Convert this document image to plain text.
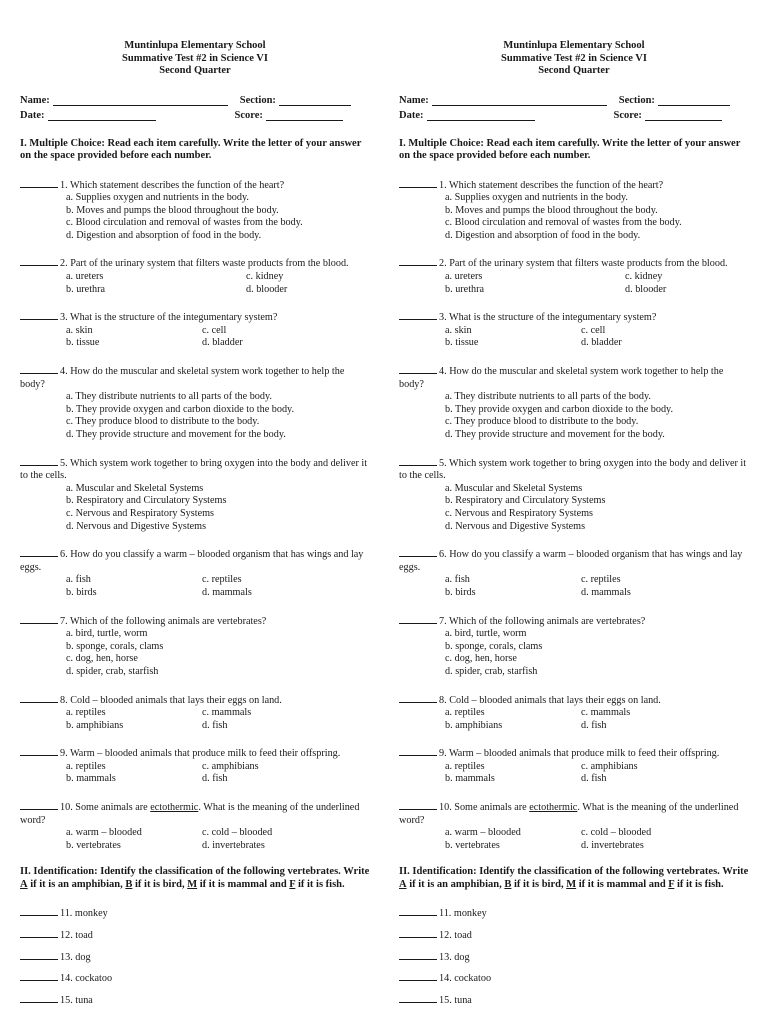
Muntinlupa Elementary School
Summative Test #2 in Science VI
Second Quarter
Name:	Section:
Date:	Score:
I. Multiple Choice: Read each item carefully. Write the letter of your answer on the space provided before each number.
1. Which statement describes the function of the heart?
a. Supplies oxygen and nutrients in the body.
b. Moves and pumps the blood throughout the body.
c. Blood circulation and removal of wastes from the body.
d. Digestion and absorption of food in the body.
2. Part of the urinary system that filters waste products from the blood.
a. ureters	c. kidney
b. urethra	d. blooder
3. What is the structure of the integumentary system?
a. skin	c. cell
b. tissue	d. bladder
4. How do the muscular and skeletal system work together to help the body?
a. They distribute nutrients to all parts of the body.
b. They provide oxygen and carbon dioxide to the body.
c. They produce blood to distribute to the body.
d. They provide structure and movement for the body.
5. Which system work together to bring oxygen into the body and deliver it to the cells.
a. Muscular and Skeletal Systems
b. Respiratory and Circulatory Systems
c. Nervous and Respiratory Systems
d. Nervous and Digestive Systems
6. How do you classify a warm – blooded organism that has wings and lay eggs.
a. fish	c. reptiles
b. birds	d. mammals
7. Which of the following animals are vertebrates?
a. bird, turtle, worm
b. sponge, corals, clams
c. dog, hen, horse
d. spider, crab, starfish
8. Cold – blooded animals that lays their eggs on land.
a. reptiles	c. mammals
b. amphibians	d. fish
9. Warm – blooded animals that produce milk to feed their offspring.
a. reptiles	c. amphibians
b. mammals	d. fish
10. Some animals are ectothermic. What is the meaning of the underlined word?
a. warm – blooded	c. cold – blooded
b. vertebrates	d. invertebrates
II. Identification: Identify the classification of the following vertebrates. Write A if it is an amphibian, B if it is bird, M if it is mammal and F if it is fish.
11. monkey
12. toad
13. dog
14. cockatoo
15. tuna
Muntinlupa Elementary School
Summative Test #2 in Science VI
Second Quarter
Name:	Section:
Date:	Score:
I. Multiple Choice: Read each item carefully. Write the letter of your answer on the space provided before each number.
1. Which statement describes the function of the heart?
a. Supplies oxygen and nutrients in the body.
b. Moves and pumps the blood throughout the body.
c. Blood circulation and removal of wastes from the body.
d. Digestion and absorption of food in the body.
2. Part of the urinary system that filters waste products from the blood.
a. ureters	c. kidney
b. urethra	d. blooder
3. What is the structure of the integumentary system?
a. skin	c. cell
b. tissue	d. bladder
4. How do the muscular and skeletal system work together to help the body?
a. They distribute nutrients to all parts of the body.
b. They provide oxygen and carbon dioxide to the body.
c. They produce blood to distribute to the body.
d. They provide structure and movement for the body.
5. Which system work together to bring oxygen into the body and deliver it to the cells.
a. Muscular and Skeletal Systems
b. Respiratory and Circulatory Systems
c. Nervous and Respiratory Systems
d. Nervous and Digestive Systems
6. How do you classify a warm – blooded organism that has wings and lay eggs.
a. fish	c. reptiles
b. birds	d. mammals
7. Which of the following animals are vertebrates?
a. bird, turtle, worm
b. sponge, corals, clams
c. dog, hen, horse
d. spider, crab, starfish
8. Cold – blooded animals that lays their eggs on land.
a. reptiles	c. mammals
b. amphibians	d. fish
9. Warm – blooded animals that produce milk to feed their offspring.
a. reptiles	c. amphibians
b. mammals	d. fish
10. Some animals are ectothermic. What is the meaning of the underlined word?
a. warm – blooded	c. cold – blooded
b. vertebrates	d. invertebrates
II. Identification: Identify the classification of the following vertebrates. Write A if it is an amphibian, B if it is bird, M if it is mammal and F if it is fish.
11. monkey
12. toad
13. dog
14. cockatoo
15. tuna
